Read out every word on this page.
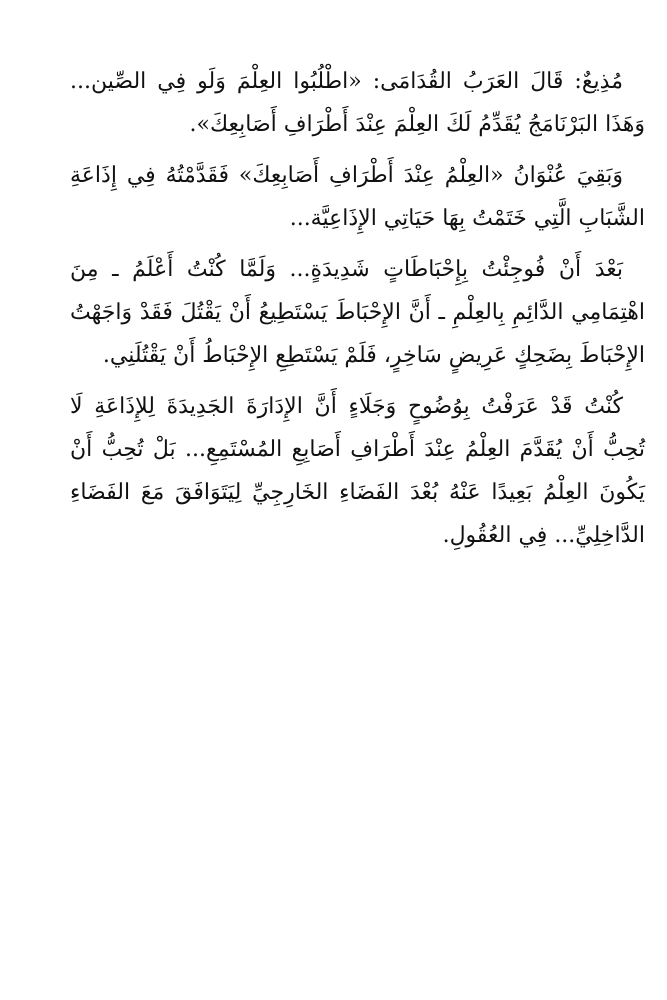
مُذِيعٌ: قَالَ العَرَبُ القُدَامَى: «اطْلُبُوا العِلْمَ وَلَو فِي الصِّين... وَهَذَا البَرْنَامَجُ يُقَدِّمُ لَكَ العِلْمَ عِنْدَ أَطْرَافِ أَصَابِعِكَ».

وَبَقِيَ عُنْوَانُ «العِلْمُ عِنْدَ أَطْرَافِ أَصَابِعِكَ» فَقَدَّمْتُهُ فِي إِذَاعَةِ الشَّبَابِ الَّتِي خَتَمْتُ بِهَا حَيَاتِي الإِذَاعِيَّة...

بَعْدَ أَنْ فُوجِئْتُ بِإِحْبَاطَاتٍ شَدِيدَةٍ... وَلَمَّا كُنْتُ أَعْلَمُ ـ مِنَ اهْتِمَامِي الدَّائِمِ بِالعِلْمِ ـ أَنَّ الإِحْبَاطَ يَسْتَطِيعُ أَنْ يَقْتُلَ فَقَدْ وَاجَهْتُ الإِحْبَاطَ بِضَحِكٍ عَرِيضٍ سَاخِرٍ، فَلَمْ يَسْتَطِعِ الإِحْبَاطُ أَنْ يَقْتُلَنِي.

كُنْتُ قَدْ عَرَفْتُ بِوُضُوحٍ وَجَلَاءٍ أَنَّ الإِدَارَةَ الجَدِيدَةَ لِلإِذَاعَةِ لَا تُحِبُّ أَنْ يُقَدَّمَ العِلْمُ عِنْدَ أَطْرَافِ أَصَابِعِ المُسْتَمِعِ... بَلْ تُحِبُّ أَنْ يَكُونَ العِلْمُ بَعِيدًا عَنْهُ بُعْدَ الفَضَاءِ الخَارِجِيِّ لِيَتَوَافَقَ مَعَ الفَضَاءِ الدَّاخِلِيِّ... فِي العُقُولِ.
